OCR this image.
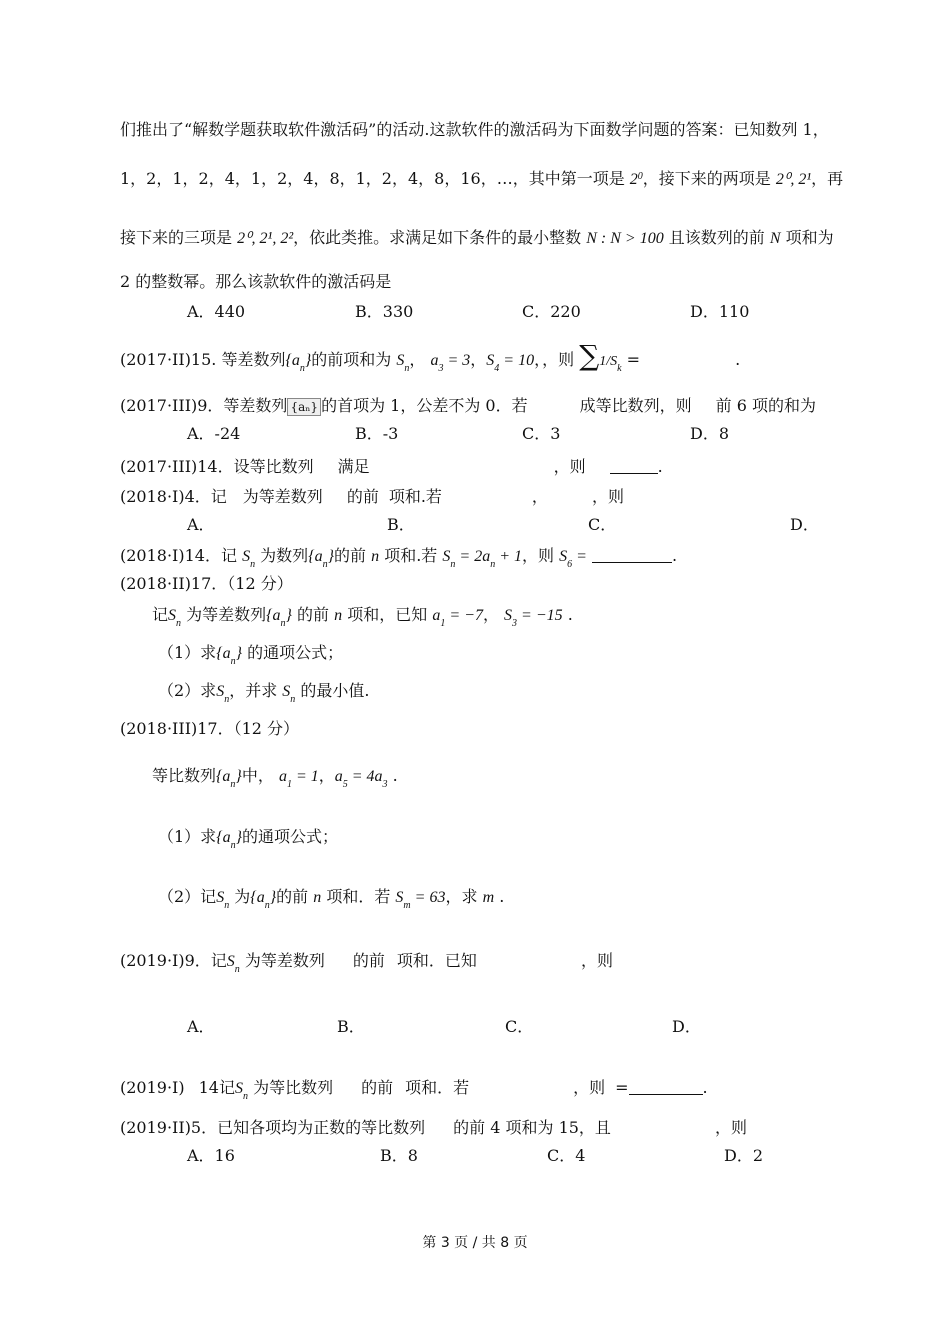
们推出了“解数学题获取软件激活码”的活动.这款软件的激活码为下面数学问题的答案：已知数列 1，
1，2，1，2，4，1，2，4，8，1，2，4，8，16，…，其中第一项是 $2^0$，接下来的两项是 2⁰, 2¹，再
接下来的三项是 2⁰, 2¹, 2²，依此类推。求满足如下条件的最小整数 N : N > 100 且该数列的前 N 项和为
2 的整数幂。那么该款软件的激活码是
A．440	B．330	C．220	D．110
(2017·II)15. 等差数列$\{a_n\}$的前项和为 $S_n$， $a_3 = 3$，$S_4 = 10$，，则 $\sum 1/S_k$ =	.
(2017·III)9．等差数列 {aₙ} 的首项为 1，公差不为 0．若	成等比数列，则 前 6 项的和为
A．-24	B．-3	C．3	D．8
(2017·III)14．设等比数列 满足	，则	.
(2018·I)4．记 为等差数列 的前 项和.若	，	，则
A．	B．	C．	D．
(2018·I)14．记 $S_n$ 为数列$\{a_n\}$的前 n 项和.若 $S_n = 2a_n + 1$，则 $S_6$ =	.
(2018·II)17．（12 分）
记$S_n$ 为等差数列$\{a_n\}$ 的前 n 项和，已知 $a_1 = -7$， $S_3 = -15$ .
（1）求$\{a_n\}$ 的通项公式；
（2）求$S_n$，并求 $S_n$ 的最小值.
(2018·III)17．（12 分）
等比数列$\{a_n\}$中， $a_1 = 1$，$a_5 = 4a_3$ .
（1）求$\{a_n\}$的通项公式；
（2）记$S_n$ 为$\{a_n\}$的前 n 项和．若 $S_m = 63$，求 m .
(2019·I)9．记$S_n$ 为等差数列 的前 项和．已知	，则
A．	B．	C．	D．
(2019·I) 14记$S_n$ 为等比数列 的前 项和．若	，则 =	.
(2019·II)5．已知各项均为正数的等比数列 的前 4 项和为 15，且	，则
A．16	B．8	C．4	D．2
第 3 页 / 共 8 页
